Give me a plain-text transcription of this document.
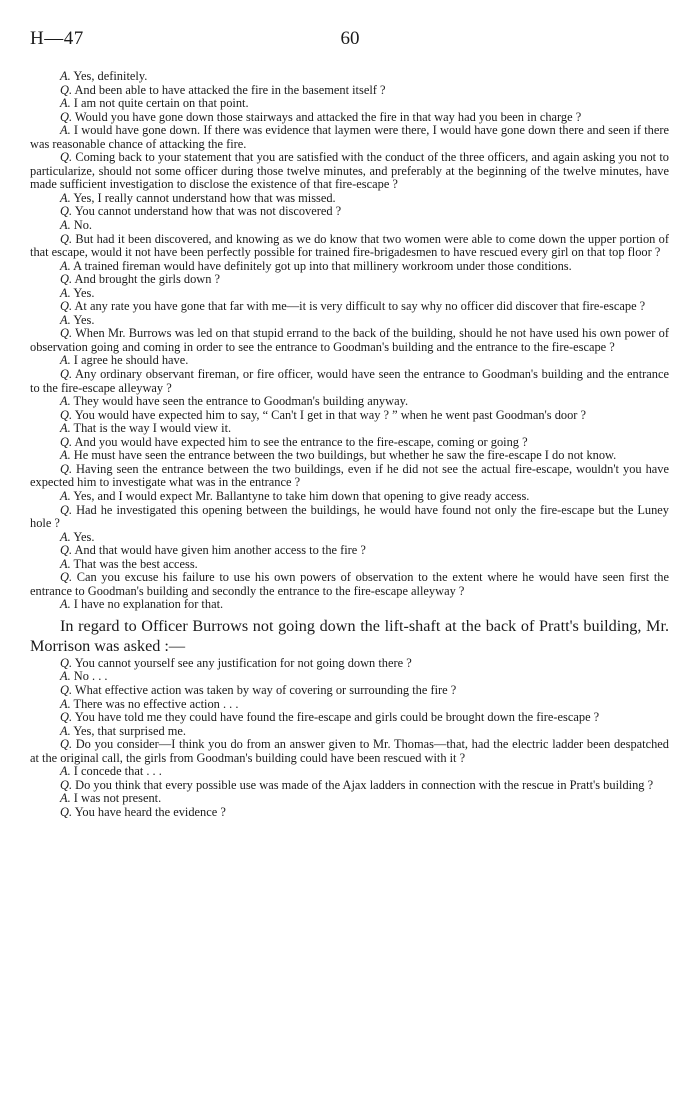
H—47	60

A. Yes, definitely.

Q. And been able to have attacked the fire in the basement itself ?

A. I am not quite certain on that point.

Q. Would you have gone down those stairways and attacked the fire in that way had you been in charge ?

A. I would have gone down. If there was evidence that laymen were there, I would have gone down there and seen if there was reasonable chance of attacking the fire.

Q. Coming back to your statement that you are satisfied with the conduct of the three officers, and again asking you not to particularize, should not some officer during those twelve minutes, and preferably at the beginning of the twelve minutes, have made sufficient investigation to disclose the existence of that fire-escape ?

A. Yes, I really cannot understand how that was missed.

Q. You cannot understand how that was not discovered ?

A. No.

Q. But had it been discovered, and knowing as we do know that two women were able to come down the upper portion of that escape, would it not have been perfectly possible for trained fire-brigadesmen to have rescued every girl on that top floor ?

A. A trained fireman would have definitely got up into that millinery workroom under those conditions.

Q. And brought the girls down ?

A. Yes.

Q. At any rate you have gone that far with me—it is very difficult to say why no officer did discover that fire-escape ?

A. Yes.

Q. When Mr. Burrows was led on that stupid errand to the back of the building, should he not have used his own power of observation going and coming in order to see the entrance to Goodman's building and the entrance to the fire-escape ?

A. I agree he should have.

Q. Any ordinary observant fireman, or fire officer, would have seen the entrance to Goodman's building and the entrance to the fire-escape alleyway ?

A. They would have seen the entrance to Goodman's building anyway.

Q. You would have expected him to say, “ Can't I get in that way ? ” when he went past Goodman's door ?

A. That is the way I would view it.

Q. And you would have expected him to see the entrance to the fire-escape, coming or going ?

A. He must have seen the entrance between the two buildings, but whether he saw the fire-escape I do not know.

Q. Having seen the entrance between the two buildings, even if he did not see the actual fire-escape, wouldn't you have expected him to investigate what was in the entrance ?

A. Yes, and I would expect Mr. Ballantyne to take him down that opening to give ready access.

Q. Had he investigated this opening between the buildings, he would have found not only the fire-escape but the Luney hole ?

A. Yes.

Q. And that would have given him another access to the fire ?

A. That was the best access.

Q. Can you excuse his failure to use his own powers of observation to the extent where he would have seen first the entrance to Goodman's building and secondly the entrance to the fire-escape alleyway ?

A. I have no explanation for that.

In regard to Officer Burrows not going down the lift-shaft at the back of Pratt's building, Mr. Morrison was asked :—

Q. You cannot yourself see any justification for not going down there ?

A. No . . .

Q. What effective action was taken by way of covering or surrounding the fire ?

A. There was no effective action . . .

Q. You have told me they could have found the fire-escape and girls could be brought down the fire-escape ?

A. Yes, that surprised me.

Q. Do you consider—I think you do from an answer given to Mr. Thomas—that, had the electric ladder been despatched at the original call, the girls from Goodman's building could have been rescued with it ?

A. I concede that . . .

Q. Do you think that every possible use was made of the Ajax ladders in connection with the rescue in Pratt's building ?

A. I was not present.

Q. You have heard the evidence ?
